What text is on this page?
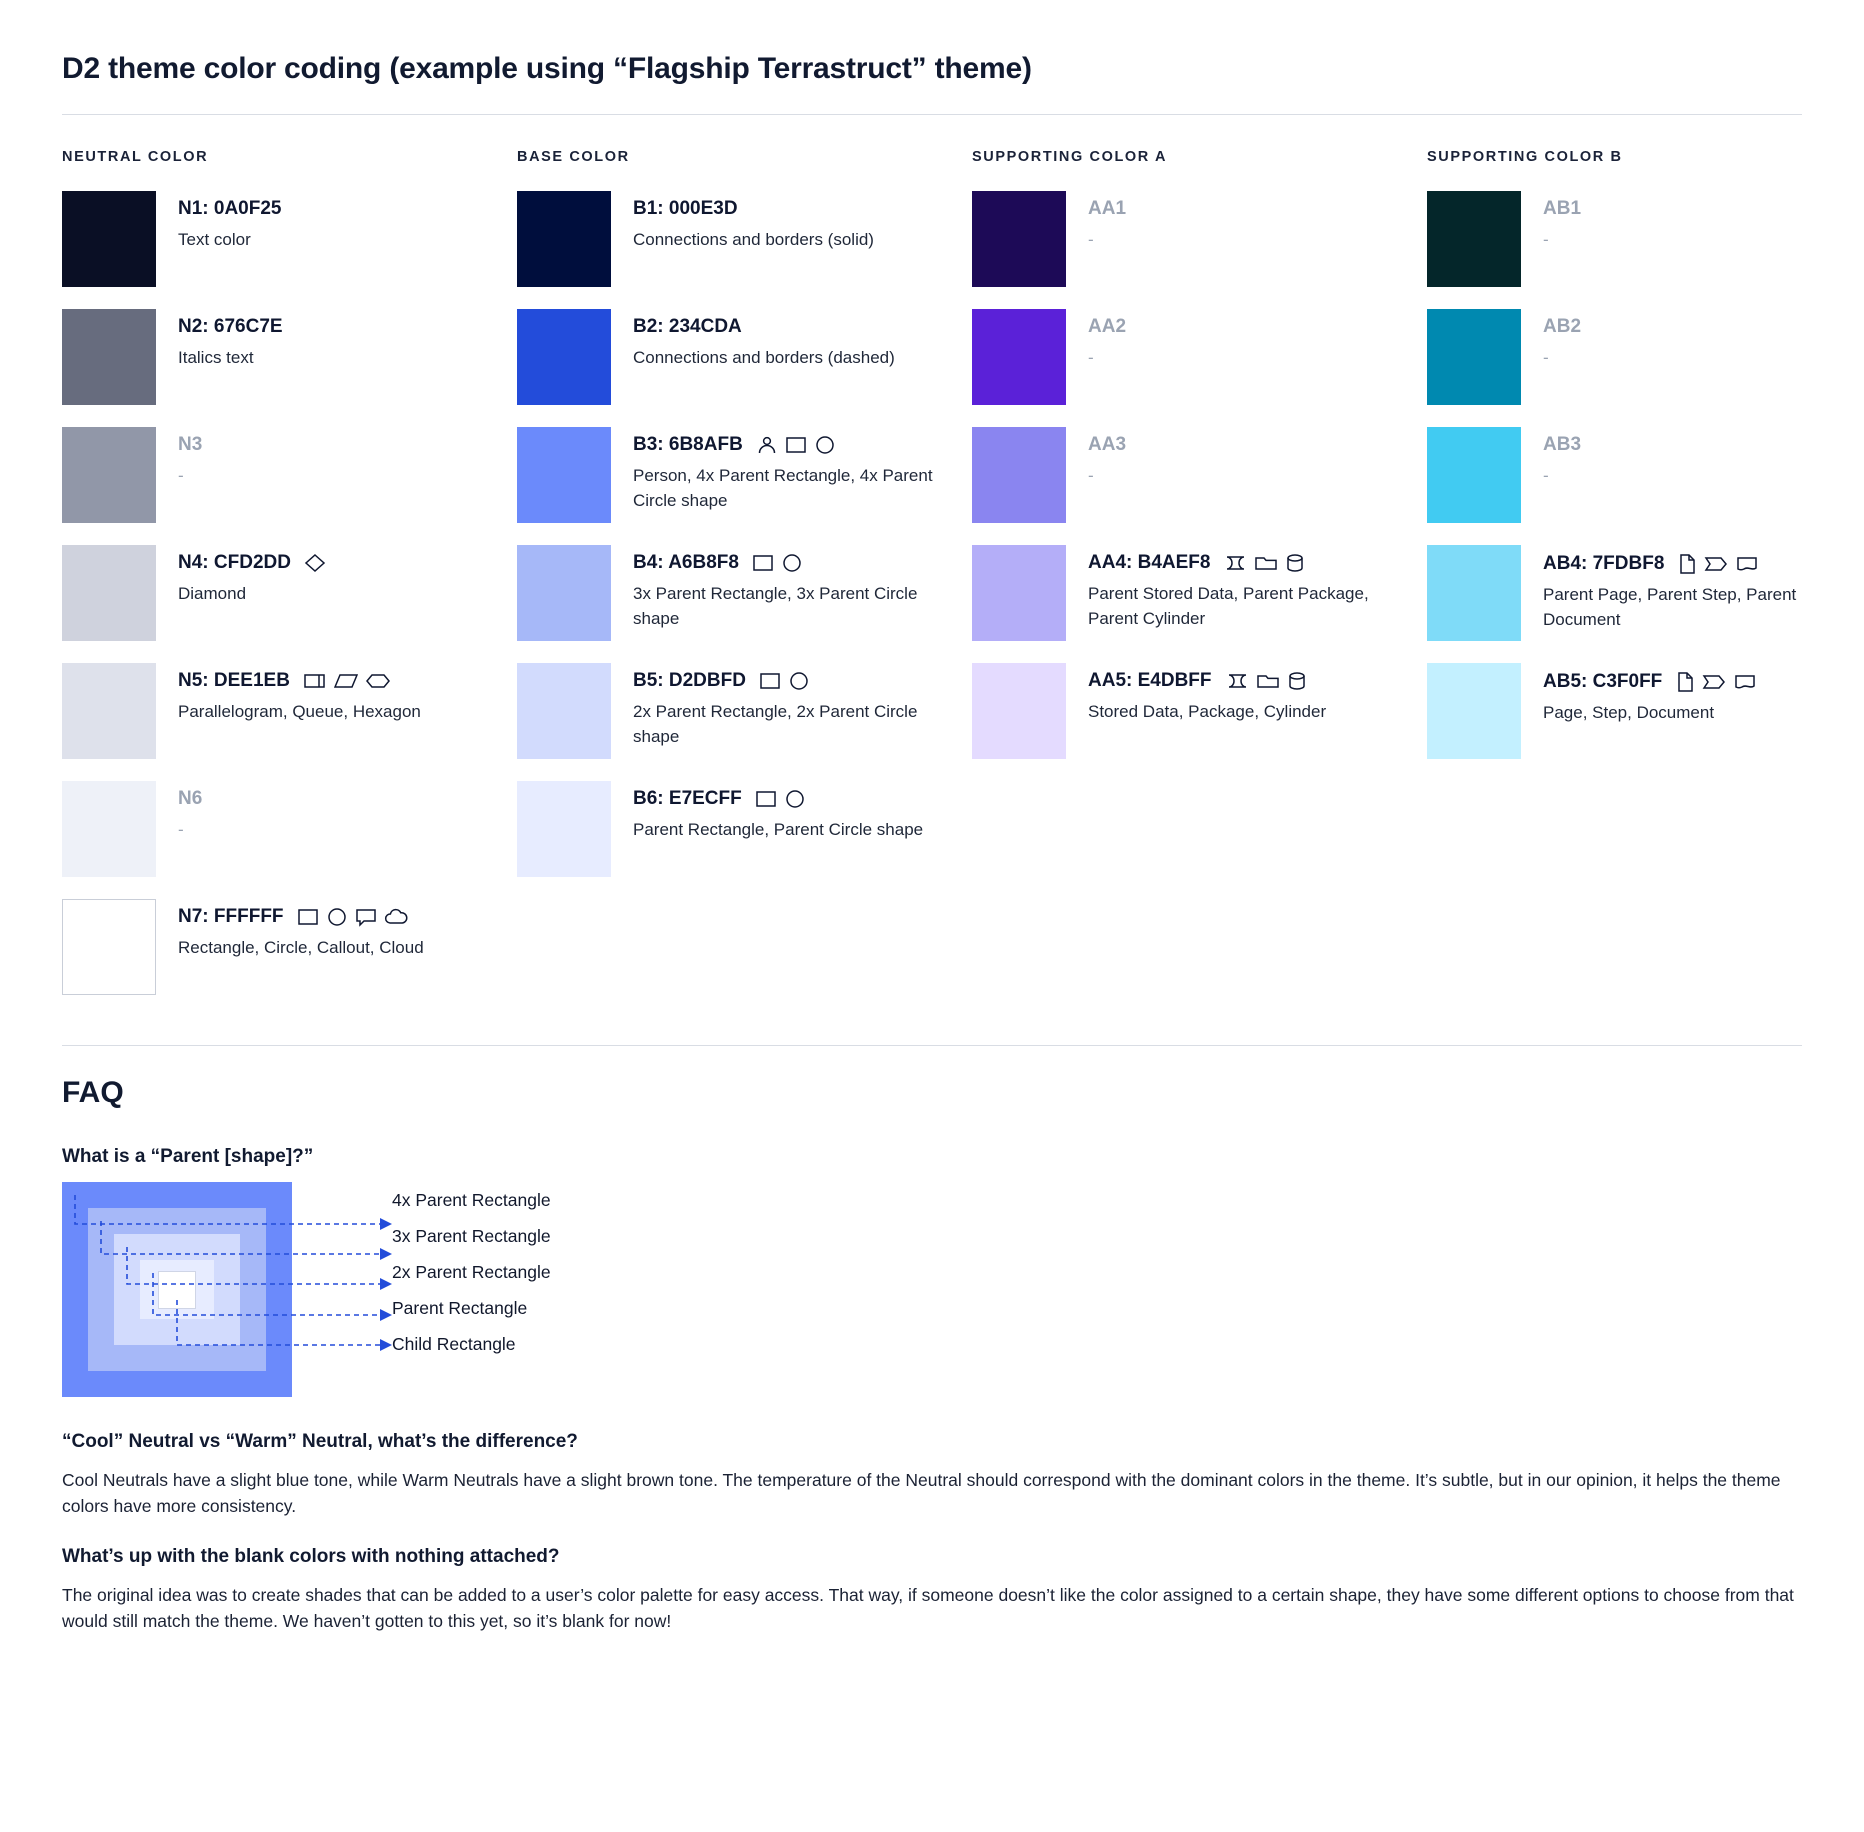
D2 theme color coding (example using “Flagship Terrastruct” theme)
NEUTRAL COLOR
N1: 0A0F25
Text color
N2: 676C7E
Italics text
N3
-
N4: CFD2DD
Diamond
N5: DEE1EB
Parallelogram, Queue, Hexagon
N6
-
N7: FFFFFF
Rectangle, Circle, Callout, Cloud
BASE COLOR
B1: 000E3D
Connections and borders (solid)
B2: 234CDA
Connections and borders (dashed)
B3: 6B8AFB
Person, 4x Parent Rectangle, 4x Parent Circle shape
B4: A6B8F8
3x Parent Rectangle, 3x Parent Circle shape
B5: D2DBFD
2x Parent Rectangle, 2x Parent Circle shape
B6: E7ECFF
Parent Rectangle, Parent Circle shape
SUPPORTING COLOR A
AA1
-
AA2
-
AA3
-
AA4: B4AEF8
Parent Stored Data, Parent Package, Parent Cylinder
AA5: E4DBFF
Stored Data, Package, Cylinder
SUPPORTING COLOR B
AB1
-
AB2
-
AB3
-
AB4: 7FDBF8
Parent Page, Parent Step, Parent Document
AB5: C3F0FF
Page, Step, Document
FAQ
What is a “Parent [shape]?”
4x Parent Rectangle
3x Parent Rectangle
2x Parent Rectangle
Parent Rectangle
Child Rectangle
“Cool” Neutral vs “Warm” Neutral, what’s the difference?

Cool Neutrals have a slight blue tone, while Warm Neutrals have a slight brown tone. The temperature of the Neutral should correspond with the dominant colors in the theme. It’s subtle, but in our opinion, it helps the theme colors have more consistency.

What’s up with the blank colors with nothing attached?

The original idea was to create shades that can be added to a user’s color palette for easy access. That way, if someone doesn’t like the color assigned to a certain shape, they have some different options to choose from that would still match the theme. We haven’t gotten to this yet, so it’s blank for now!
